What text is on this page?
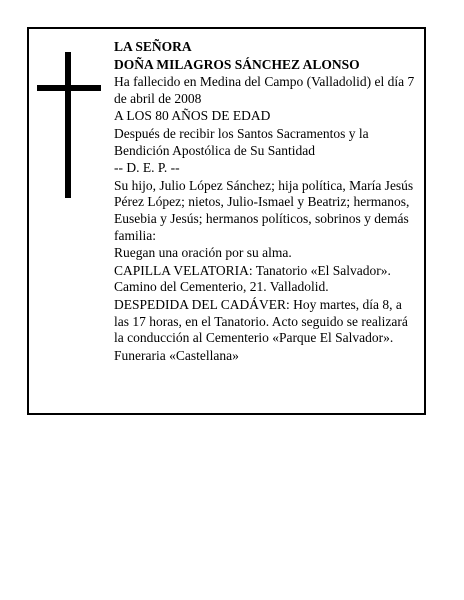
LA SEÑORA

DOÑA MILAGROS SÁNCHEZ ALONSO

Ha fallecido en Medina del Campo (Valladolid) el día 7 de abril de 2008

A LOS 80 AÑOS DE EDAD

Después de recibir los Santos Sacramentos y la Bendición Apostólica de Su Santidad

-- D. E. P. --

Su hijo, Julio López Sánchez; hija política, María Jesús Pérez López; nietos, Julio-Ismael y Beatriz; hermanos, Eusebia y Jesús; hermanos políticos, sobrinos y demás familia:

Ruegan una oración por su alma.

CAPILLA VELATORIA: Tanatorio «El Salvador». Camino del Cementerio, 21. Valladolid.

DESPEDIDA DEL CADÁVER: Hoy martes, día 8, a las 17 horas, en el Tanatorio. Acto seguido se realizará la conducción al Cementerio «Parque El Salvador».

Funeraria «Castellana»
